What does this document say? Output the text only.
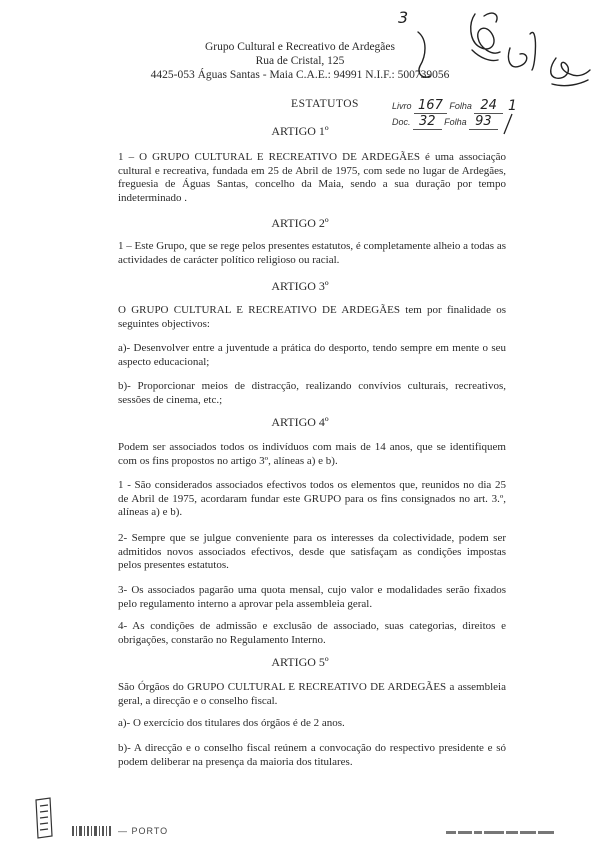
3
Grupo Cultural e Recreativo de Ardegães
Rua de Cristal, 125
4425-053 Águas Santas - Maia C.A.E.: 94991 N.I.F.: 500739056
ESTATUTOS	Livro 167 Folha 24
Doc. 32 Folha 93
1
ARTIGO 1º
1 – O GRUPO CULTURAL E RECREATIVO DE ARDEGÃES é uma associação cultural e recreativa, fundada em 25 de Abril de 1975, com sede no lugar de Ardegães, freguesia de Águas Santas, concelho da Maia, sendo a sua duração por tempo indeterminado .
ARTIGO 2º
1 – Este Grupo, que se rege pelos presentes estatutos, é completamente alheio a todas as actividades de carácter político religioso ou racial.
ARTIGO 3º
O GRUPO CULTURAL E RECREATIVO DE ARDEGÃES tem por finalidade os seguintes objectivos:
a)- Desenvolver entre a juventude a prática do desporto, tendo sempre em mente o seu aspecto educacional;
b)- Proporcionar meios de distracção, realizando convívios culturais, recreativos, sessões de cinema, etc.;
ARTIGO 4º
Podem ser associados todos os indivíduos com mais de 14 anos, que se identifiquem com os fins propostos no artigo 3º, alíneas a) e b).
1 - São considerados associados efectivos todos os elementos que, reunidos no dia 25 de Abril de 1975, acordaram fundar este GRUPO para os fins consignados no art. 3.º, alíneas a) e b).
2- Sempre que se julgue conveniente para os interesses da colectividade, podem ser admitidos novos associados efectivos, desde que satisfaçam as condições impostas pelos presentes estatutos.
3- Os associados pagarão uma quota mensal, cujo valor e modalidades serão fixados pelo regulamento interno a aprovar pela assembleia geral.
4- As condições de admissão e exclusão de associado, suas categorias, direitos e obrigações, constarão no Regulamento Interno.
ARTIGO 5º
São Órgãos do GRUPO CULTURAL E RECREATIVO DE ARDEGÃES a assembleia geral, a direcção e o conselho fiscal.
a)- O exercício dos titulares dos órgãos é de 2 anos.
b)- A direcção e o conselho fiscal reúnem a convocação do respectivo presidente e só podem deliberar na presença da maioria dos titulares.
— PORTO
